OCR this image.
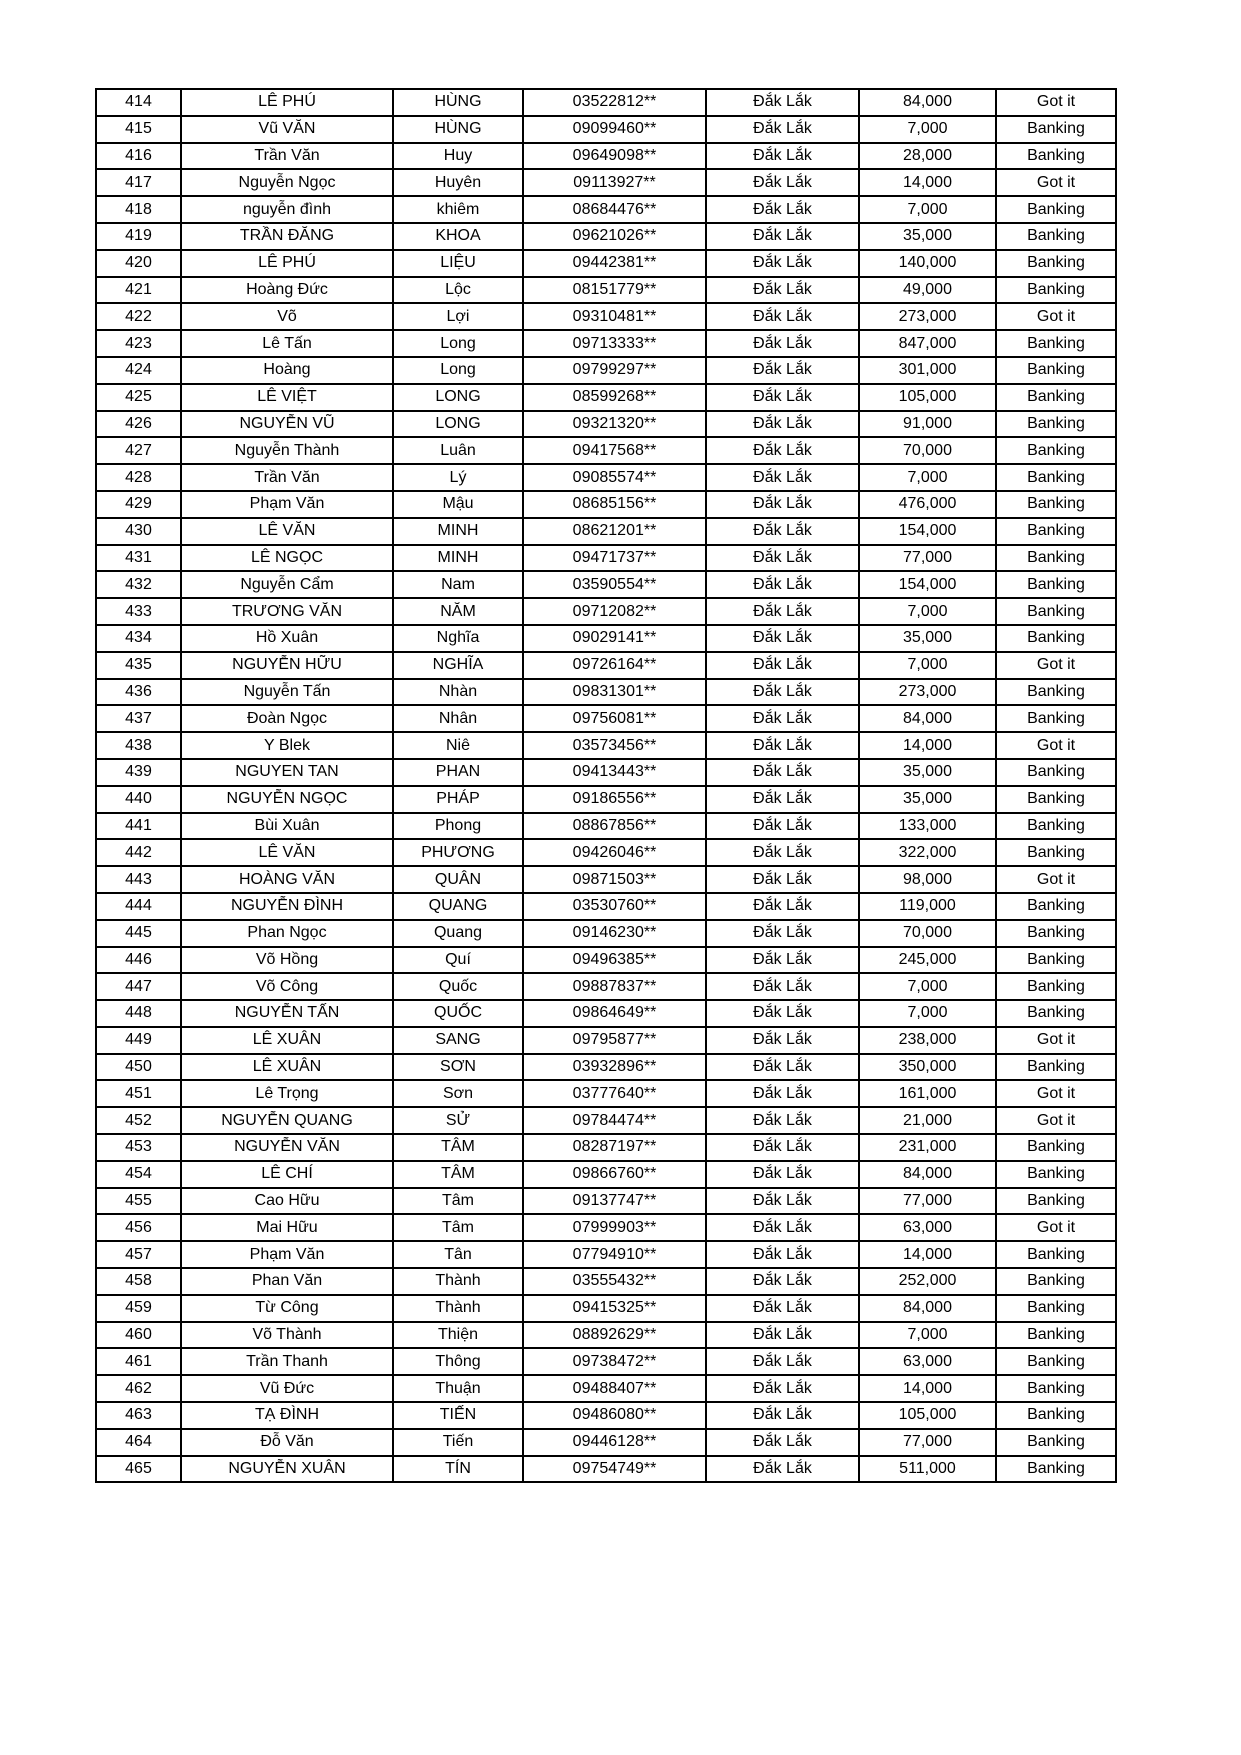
414	LÊ PHÚ	HÙNG	03522812**	Đắk Lắk	84,000	Got it
415	Vũ VĂN	HÙNG	09099460**	Đắk Lắk	7,000	Banking
416	Trần Văn	Huy	09649098**	Đắk Lắk	28,000	Banking
417	Nguyễn Ngọc	Huyên	09113927**	Đắk Lắk	14,000	Got it
418	nguyễn đình	khiêm	08684476**	Đắk Lắk	7,000	Banking
419	TRẦN ĐĂNG	KHOA	09621026**	Đắk Lắk	35,000	Banking
420	LÊ PHÚ	LIỆU	09442381**	Đắk Lắk	140,000	Banking
421	Hoàng Đức	Lộc	08151779**	Đắk Lắk	49,000	Banking
422	Võ	Lợi	09310481**	Đắk Lắk	273,000	Got it
423	Lê Tấn	Long	09713333**	Đắk Lắk	847,000	Banking
424	Hoàng	Long	09799297**	Đắk Lắk	301,000	Banking
425	LÊ VIỆT	LONG	08599268**	Đắk Lắk	105,000	Banking
426	NGUYỄN VŨ	LONG	09321320**	Đắk Lắk	91,000	Banking
427	Nguyễn Thành	Luân	09417568**	Đắk Lắk	70,000	Banking
428	Trần Văn	Lý	09085574**	Đắk Lắk	7,000	Banking
429	Phạm Văn	Mậu	08685156**	Đắk Lắk	476,000	Banking
430	LÊ VĂN	MINH	08621201**	Đắk Lắk	154,000	Banking
431	LÊ NGỌC	MINH	09471737**	Đắk Lắk	77,000	Banking
432	Nguyễn Cẩm	Nam	03590554**	Đắk Lắk	154,000	Banking
433	TRƯƠNG VĂN	NĂM	09712082**	Đắk Lắk	7,000	Banking
434	Hồ Xuân	Nghĩa	09029141**	Đắk Lắk	35,000	Banking
435	NGUYỄN HỮU	NGHĨA	09726164**	Đắk Lắk	7,000	Got it
436	Nguyễn Tấn	Nhàn	09831301**	Đắk Lắk	273,000	Banking
437	Đoàn Ngọc	Nhân	09756081**	Đắk Lắk	84,000	Banking
438	Y Blek	Niê	03573456**	Đắk Lắk	14,000	Got it
439	NGUYEN TAN	PHAN	09413443**	Đắk Lắk	35,000	Banking
440	NGUYỄN NGỌC	PHÁP	09186556**	Đắk Lắk	35,000	Banking
441	Bùi Xuân	Phong	08867856**	Đắk Lắk	133,000	Banking
442	LÊ VĂN	PHƯƠNG	09426046**	Đắk Lắk	322,000	Banking
443	HOÀNG VĂN	QUÂN	09871503**	Đắk Lắk	98,000	Got it
444	NGUYỄN ĐÌNH	QUANG	03530760**	Đắk Lắk	119,000	Banking
445	Phan Ngọc	Quang	09146230**	Đắk Lắk	70,000	Banking
446	Võ Hồng	Quí	09496385**	Đắk Lắk	245,000	Banking
447	Võ Công	Quốc	09887837**	Đắk Lắk	7,000	Banking
448	NGUYỄN TẤN	QUỐC	09864649**	Đắk Lắk	7,000	Banking
449	LÊ XUÂN	SANG	09795877**	Đắk Lắk	238,000	Got it
450	LÊ XUÂN	SƠN	03932896**	Đắk Lắk	350,000	Banking
451	Lê Trọng	Sơn	03777640**	Đắk Lắk	161,000	Got it
452	NGUYỄN QUANG	SỬ	09784474**	Đắk Lắk	21,000	Got it
453	NGUYỄN VĂN	TÂM	08287197**	Đắk Lắk	231,000	Banking
454	LÊ CHÍ	TÂM	09866760**	Đắk Lắk	84,000	Banking
455	Cao Hữu	Tâm	09137747**	Đắk Lắk	77,000	Banking
456	Mai Hữu	Tâm	07999903**	Đắk Lắk	63,000	Got it
457	Phạm Văn	Tân	07794910**	Đắk Lắk	14,000	Banking
458	Phan Văn	Thành	03555432**	Đắk Lắk	252,000	Banking
459	Từ Công	Thành	09415325**	Đắk Lắk	84,000	Banking
460	Võ Thành	Thiện	08892629**	Đắk Lắk	7,000	Banking
461	Trần Thanh	Thông	09738472**	Đắk Lắk	63,000	Banking
462	Vũ Đức	Thuận	09488407**	Đắk Lắk	14,000	Banking
463	TẠ ĐÌNH	TIẾN	09486080**	Đắk Lắk	105,000	Banking
464	Đỗ Văn	Tiến	09446128**	Đắk Lắk	77,000	Banking
465	NGUYỄN XUÂN	TÍN	09754749**	Đắk Lắk	511,000	Banking
